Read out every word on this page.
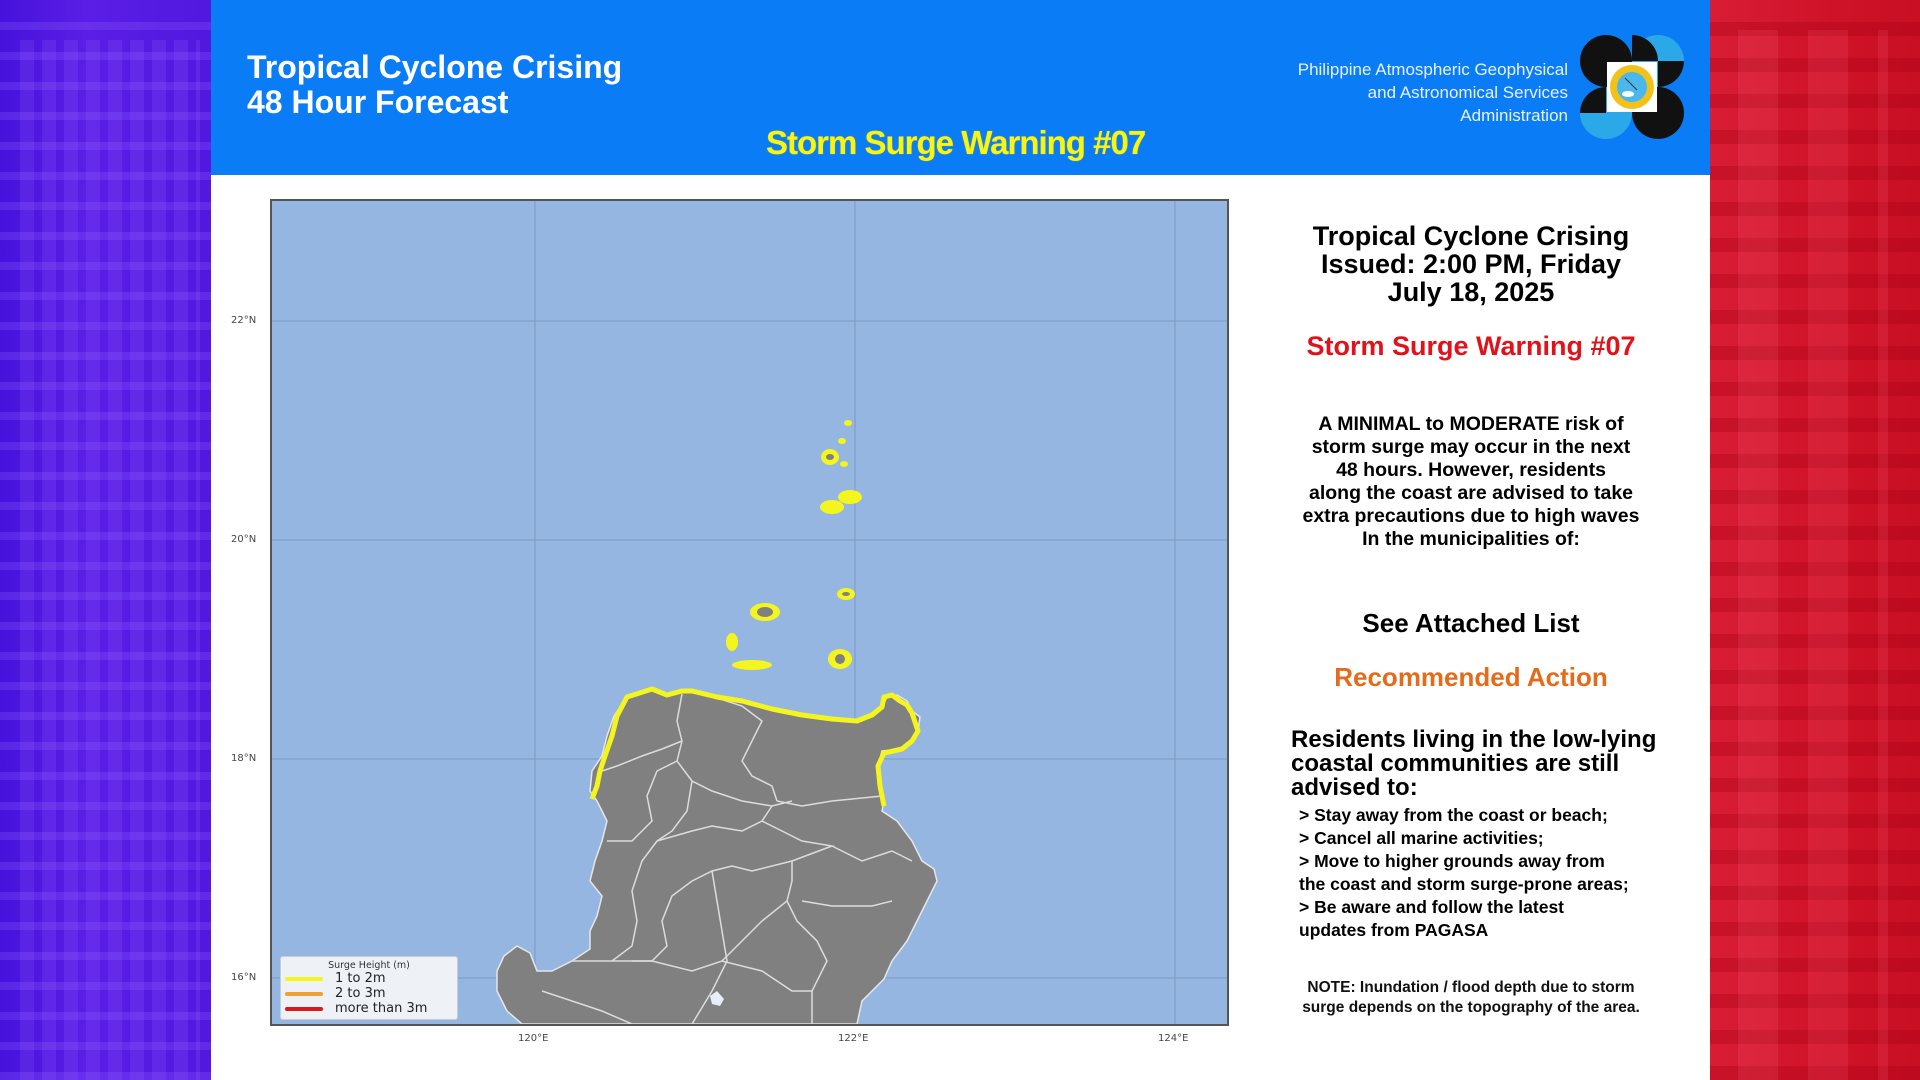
Tropical Cyclone Crising
48 Hour Forecast
Storm Surge Warning #07
Philippine Atmospheric Geophysical
and Astronomical Services
Administration
Surge Height (m)
1 to 2m
2 to 3m
more than 3m
22°N
20°N
18°N
16°N
120°E	122°E	124°E
Tropical Cyclone Crising
Issued: 2:00 PM, Friday
July 18, 2025
Storm Surge Warning #07
A MINIMAL to MODERATE risk of
storm surge may occur in the next
48 hours. However, residents
along the coast are advised to take
extra precautions due to high waves
In the municipalities of:
See Attached List
Recommended Action
Residents living in the low-lying
coastal communities are still
advised to:
> Stay away from the coast or beach;
> Cancel all marine activities;
> Move to higher grounds away from
the coast and storm surge-prone areas;
> Be aware and follow the latest
updates from PAGASA
NOTE: Inundation / flood depth due to storm
surge depends on the topography of the area.
